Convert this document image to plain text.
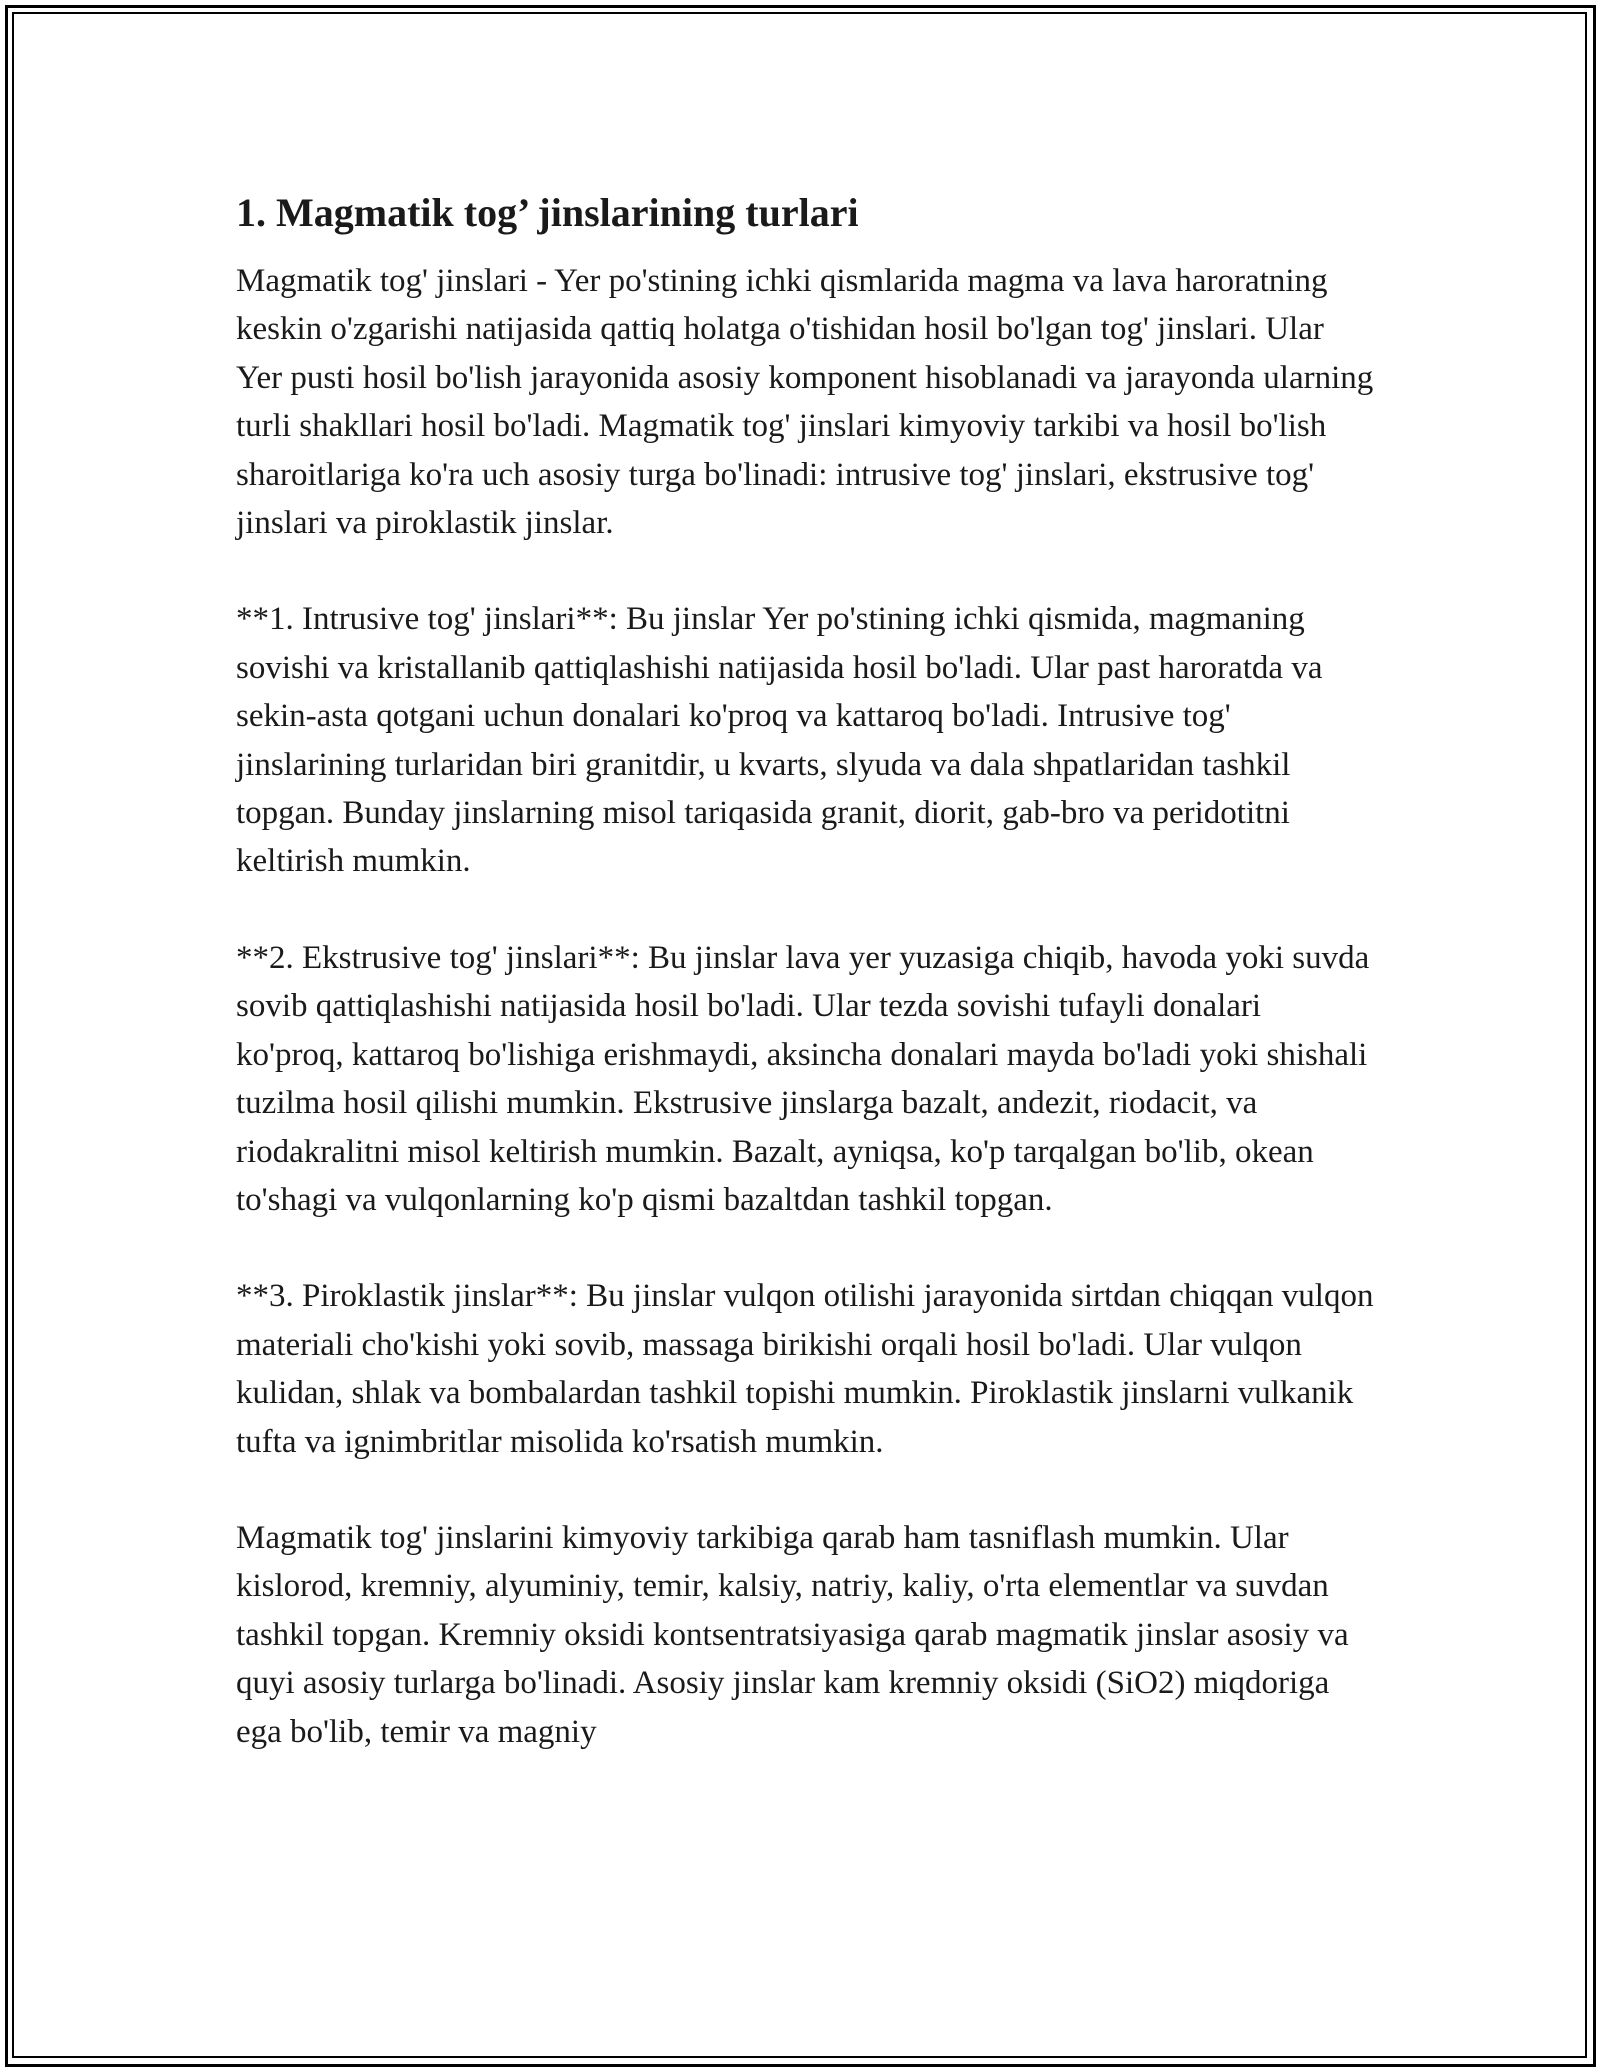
1. Magmatik tog’ jinslarining turlari

Magmatik tog' jinslari - Yer po'stining ichki qismlarida magma va lava haroratning keskin o'zgarishi natijasida qattiq holatga o'tishidan hosil bo'lgan tog' jinslari. Ular Yer pusti hosil bo'lish jarayonida asosiy komponent hisoblanadi va jarayonda ularning turli shakllari hosil bo'ladi. Magmatik tog' jinslari kimyoviy tarkibi va hosil bo'lish sharoitlariga ko'ra uch asosiy turga bo'linadi: intrusive tog' jinslari, ekstrusive tog' jinslari va piroklastik jinslar.

**1. Intrusive tog' jinslari**: Bu jinslar Yer po'stining ichki qismida, magmaning sovishi va kristallanib qattiqlashishi natijasida hosil bo'ladi. Ular past haroratda va sekin-asta qotgani uchun donalari ko'proq va kattaroq bo'ladi. Intrusive tog' jinslarining turlaridan biri granitdir, u kvarts, slyuda va dala shpatlaridan tashkil topgan. Bunday jinslarning misol tariqasida granit, diorit, gab-bro va peridotitni keltirish mumkin.

**2. Ekstrusive tog' jinslari**: Bu jinslar lava yer yuzasiga chiqib, havoda yoki suvda sovib qattiqlashishi natijasida hosil bo'ladi. Ular tezda sovishi tufayli donalari ko'proq, kattaroq bo'lishiga erishmaydi, aksincha donalari mayda bo'ladi yoki shishali tuzilma hosil qilishi mumkin. Ekstrusive jinslarga bazalt, andezit, riodacit, va riodakralitni misol keltirish mumkin. Bazalt, ayniqsa, ko'p tarqalgan bo'lib, okean to'shagi va vulqonlarning ko'p qismi bazaltdan tashkil topgan.

**3. Piroklastik jinslar**: Bu jinslar vulqon otilishi jarayonida sirtdan chiqqan vulqon materiali cho'kishi yoki sovib, massaga birikishi orqali hosil bo'ladi. Ular vulqon kulidan, shlak va bombalardan tashkil topishi mumkin. Piroklastik jinslarni vulkanik tufta va ignimbritlar misolida ko'rsatish mumkin.

Magmatik tog' jinslarini kimyoviy tarkibiga qarab ham tasniflash mumkin. Ular kislorod, kremniy, alyuminiy, temir, kalsiy, natriy, kaliy, o'rta elementlar va suvdan tashkil topgan. Kremniy oksidi kontsentratsiyasiga qarab magmatik jinslar asosiy va quyi asosiy turlarga bo'linadi. Asosiy jinslar kam kremniy oksidi (SiO2) miqdoriga ega bo'lib, temir va magniy
